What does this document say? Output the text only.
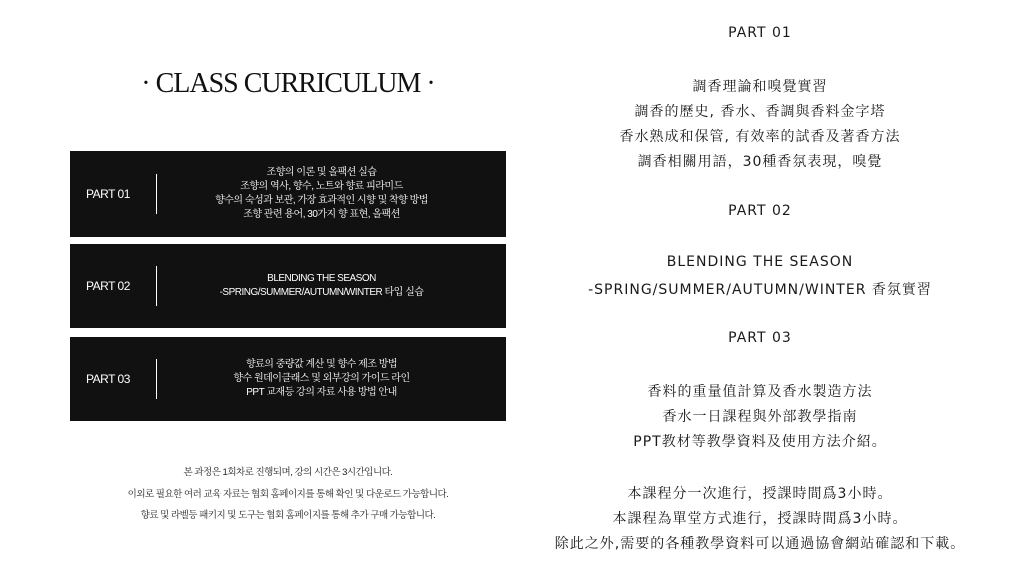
· CLASS CURRICULUM ·
PART 01
조향의 이론 및 올팩션 실습
조향의 역사, 향수, 노트와 향료 피라미드
향수의 숙성과 보관, 가장 효과적인 시향 및 착향 방법
조향 관련 용어, 30가지 향 표현, 올팩션
PART 02
BLENDING THE SEASON
-SPRING/SUMMER/AUTUMN/WINTER 타입 실습
PART 03
향료의 중량값 계산 및 향수 제조 방법
향수 원데이클래스 및 외부강의 가이드 라인
PPT 교재등 강의 자료 사용 방법 안내
본 과정은 1회차로 진행되며, 강의 시간은 3시간입니다.
이외로 필요한 여러 교육 자료는 협회 홈페이지를 통해 확인 및 다운로드 가능합니다.
향료 및 라벨등 패키지 및 도구는 협회 홈페이지를 통해 추가 구매 가능합니다.
PART 01
調香理論和嗅覺實習
調香的歷史, 香水、香調與香料金字塔
香水熟成和保管, 有效率的試香及著香方法
調香相關用語，30種香氛表現，嗅覺
PART 02
BLENDING THE SEASON
-SPRING/SUMMER/AUTUMN/WINTER 香氛實習
PART 03
香料的重量值計算及香水製造方法
香水一日課程與外部教學指南
PPT教材等教學資料及使用方法介紹。
本課程分一次進行，授課時間爲3小時。
本課程為單堂方式進行，授課時間爲3小時。
除此之外,需要的各種教學資料可以通過協會網站確認和下載。
